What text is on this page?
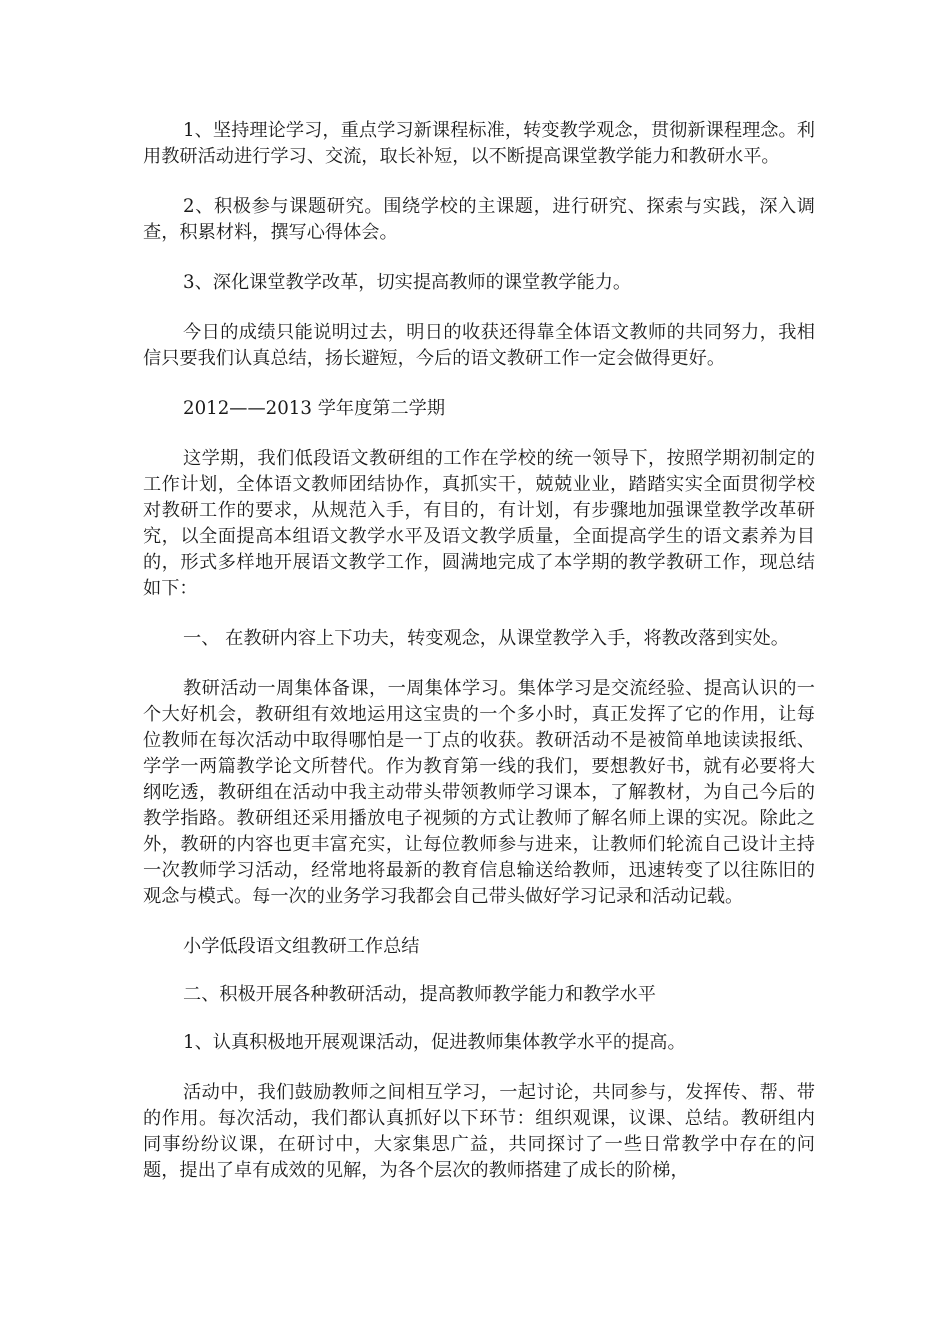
1、坚持理论学习，重点学习新课程标准，转变教学观念，贯彻新课程理念。利用教研活动进行学习、交流，取长补短，以不断提高课堂教学能力和教研水平。

2、积极参与课题研究。围绕学校的主课题，进行研究、探索与实践，深入调查，积累材料，撰写心得体会。

3、深化课堂教学改革，切实提高教师的课堂教学能力。

今日的成绩只能说明过去，明日的收获还得靠全体语文教师的共同努力，我相信只要我们认真总结，扬长避短，今后的语文教研工作一定会做得更好。

2012——2013 学年度第二学期

这学期，我们低段语文教研组的工作在学校的统一领导下，按照学期初制定的工作计划，全体语文教师团结协作，真抓实干，兢兢业业，踏踏实实全面贯彻学校对教研工作的要求，从规范入手，有目的，有计划，有步骤地加强课堂教学改革研究，以全面提高本组语文教学水平及语文教学质量，全面提高学生的语文素养为目的，形式多样地开展语文教学工作，圆满地完成了本学期的教学教研工作，现总结如下：

一、 在教研内容上下功夫，转变观念，从课堂教学入手，将教改落到实处。

教研活动一周集体备课，一周集体学习。集体学习是交流经验、提高认识的一个大好机会，教研组有效地运用这宝贵的一个多小时，真正发挥了它的作用，让每位教师在每次活动中取得哪怕是一丁点的收获。教研活动不是被简单地读读报纸、学学一两篇教学论文所替代。作为教育第一线的我们，要想教好书，就有必要将大纲吃透，教研组在活动中我主动带头带领教师学习课本，了解教材，为自己今后的教学指路。教研组还采用播放电子视频的方式让教师了解名师上课的实况。除此之外，教研的内容也更丰富充实，让每位教师参与进来，让教师们轮流自己设计主持一次教师学习活动，经常地将最新的教育信息输送给教师，迅速转变了以往陈旧的观念与模式。每一次的业务学习我都会自己带头做好学习记录和活动记载。

小学低段语文组教研工作总结

二、积极开展各种教研活动，提高教师教学能力和教学水平

1、认真积极地开展观课活动，促进教师集体教学水平的提高。

活动中，我们鼓励教师之间相互学习，一起讨论，共同参与，发挥传、帮、带的作用。每次活动，我们都认真抓好以下环节：组织观课，议课、总结。教研组内同事纷纷议课，在研讨中，大家集思广益，共同探讨了一些日常教学中存在的问题，提出了卓有成效的见解，为各个层次的教师搭建了成长的阶梯，
